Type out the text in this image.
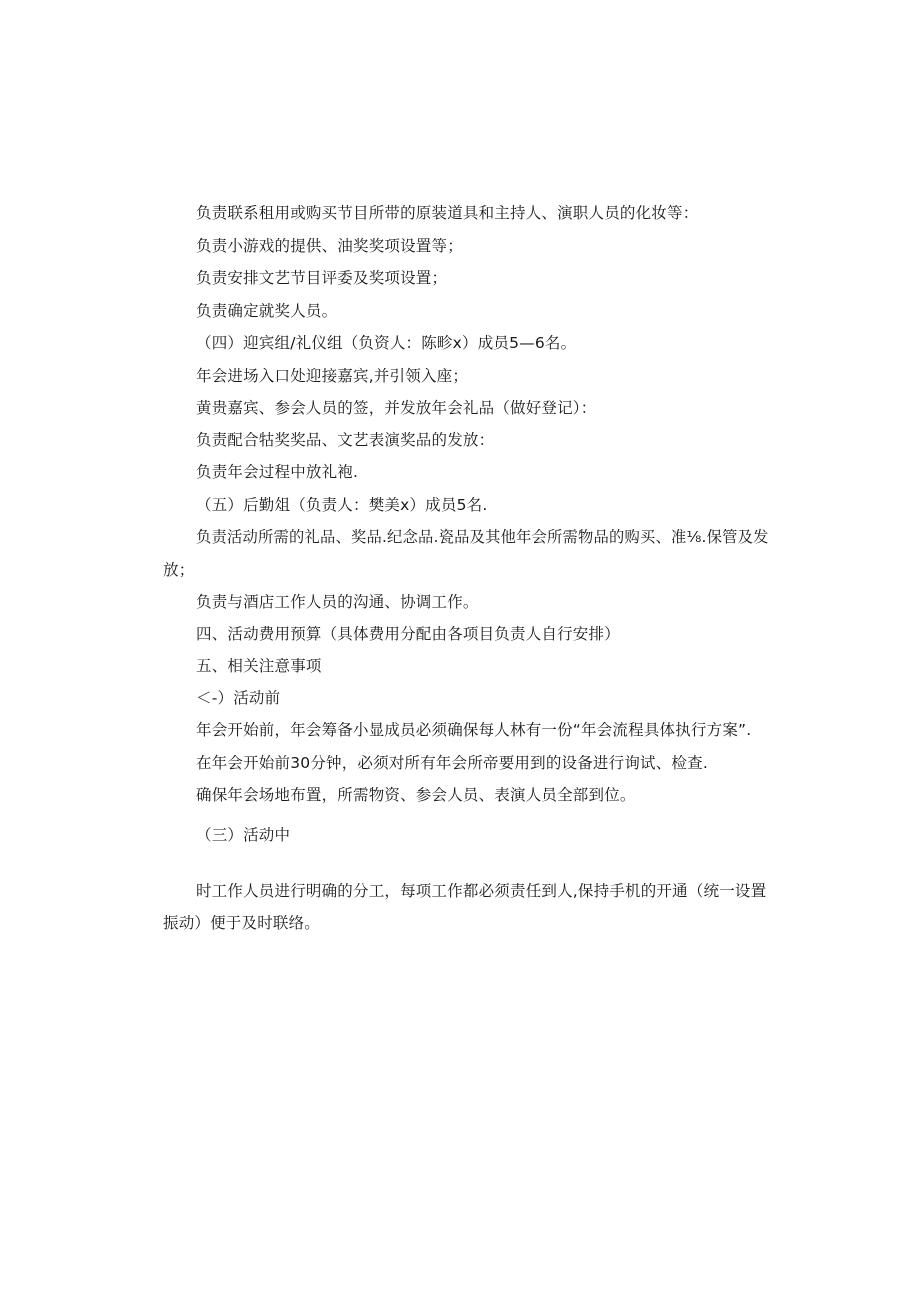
负责联系租用或购买节目所带的原装道具和主持人、演职人员的化妆等：
负责小游戏的提供、油奖奖项设置等；
负责安排文艺节目评委及奖项设置；
负责确定就奖人员。
（四）迎宾组/礼仪组（负资人：陈畛x）成员5—6名。
年会进场入口处迎接嘉宾,并引领入座；
黄贵嘉宾、参会人员的签，并发放年会礼品（做好登记）：
负责配合牯奖奖品、文艺表演奖品的发放：
负责年会过程中放礼袍.
（五）后勤俎（负责人：樊美x）成员5名.
负责活动所需的礼品、奖品.纪念品.瓷品及其他年会所需物品的购买、准⅛.保管及发
放；
负责与酒店工作人员的沟通、协调工作。
四、活动费用预算（具体费用分配由各项目负责人自行安排）
五、相关注意事项
＜-）活动前
年会开始前，年会筹备小显成员必须确保每人林有一份“年会流程具体执行方案”.
在年会开始前30分钟，必须对所有年会所帝要用到的设备进行询试、检查.
确保年会场地布置，所需物资、参会人员、表演人员全部到位。
（三）活动中
时工作人员进行明确的分工，每项工作都必须责任到人,保持手机的开通（统一设置
振动）便于及时联络。
